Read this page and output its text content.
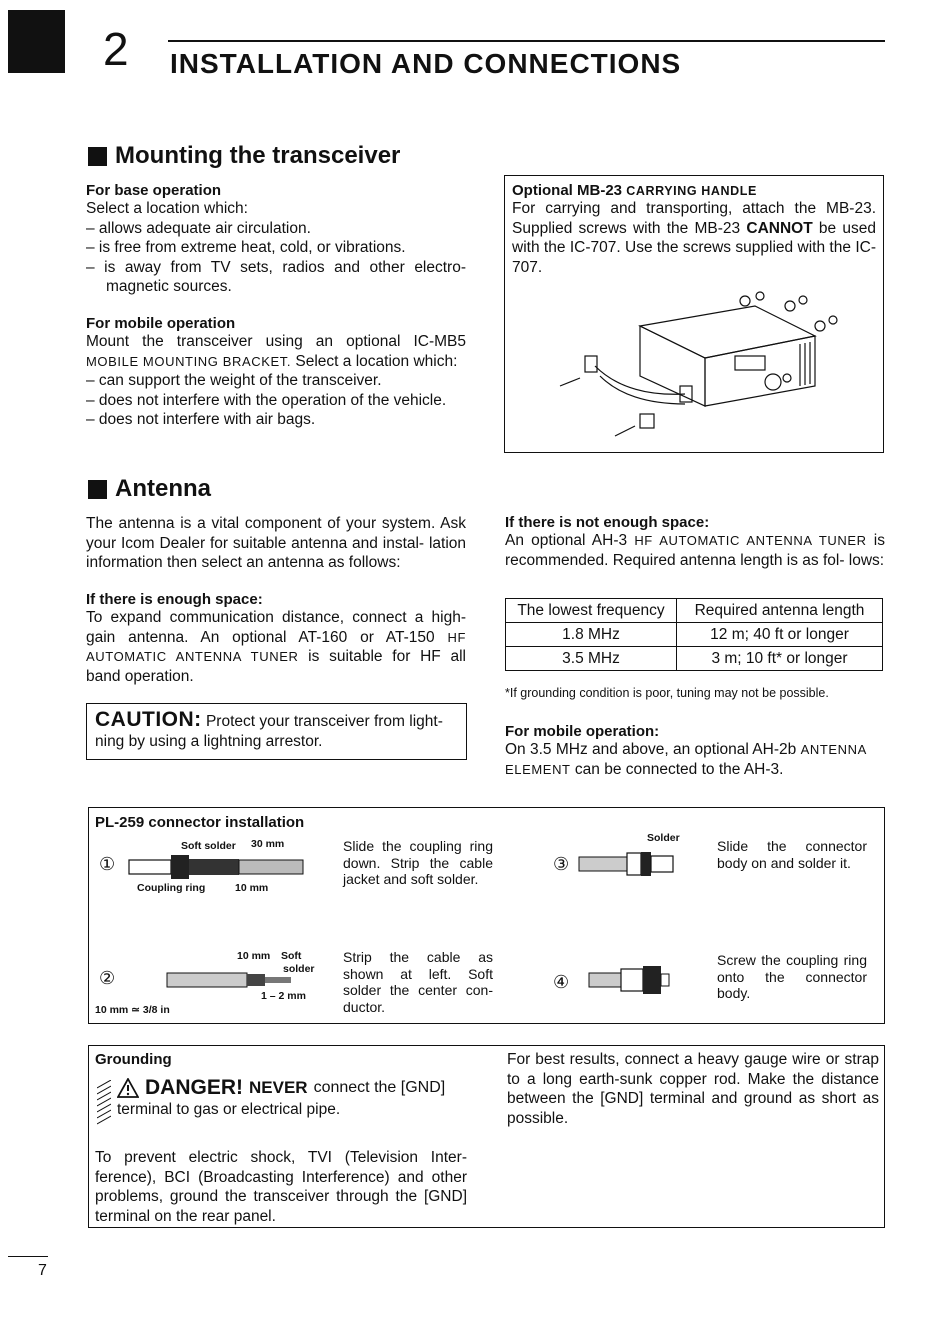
2 INSTALLATION AND CONNECTIONS
Mounting the transceiver
For base operation
Select a location which:
– allows adequate air circulation.
– is free from extreme heat, cold, or vibrations.
– is away from TV sets, radios and other electro- magnetic sources.
For mobile operation
Mount the transceiver using an optional IC-MB5 MOBILE MOUNTING BRACKET. Select a location which:
– can support the weight of the transceiver.
– does not interfere with the operation of the vehicle.
– does not interfere with air bags.
Optional MB-23 CARRYING HANDLE
For carrying and transporting, attach the MB-23. Supplied screws with the MB-23 CANNOT be used with the IC-707. Use the screws supplied with the IC-707.
Antenna
The antenna is a vital component of your system. Ask your Icom Dealer for suitable antenna and instal- lation information then select an antenna as follows:
If there is enough space:
To expand communication distance, connect a high- gain antenna. An optional AT-160 or AT-150 HF AUTOMATIC ANTENNA TUNER is suitable for HF all band operation.
CAUTION: Protect your transceiver from light- ning by using a lightning arrestor.
If there is not enough space:
An optional AH-3 HF AUTOMATIC ANTENNA TUNER is recommended. Required antenna length is as fol- lows:
The lowest frequency	Required antenna length
1.8 MHz	12 m; 40 ft or longer
3.5 MHz	3 m; 10 ft* or longer
*If grounding condition is poor, tuning may not be possible.
For mobile operation:
On 3.5 MHz and above, an optional AH-2b ANTENNA ELEMENT can be connected to the AH-3.
PL-259 connector installation
①
Soft solder 30 mm
Coupling ring	10 mm
Slide the coupling ring down. Strip the cable jacket and soft solder.
②
10 mm Soft
solder
1 – 2 mm
10 mm ≃ 3/8 in
Strip the cable as shown at left. Soft solder the center con- ductor.
③
Solder	Slide the connector body on and solder it.
④
Screw the coupling ring onto the connector body.
Grounding
DANGER! NEVER connect the [GND]
terminal to gas or electrical pipe.
To prevent electric shock, TVI (Television Inter- ference), BCI (Broadcasting Interference) and other problems, ground the transceiver through the [GND] terminal on the rear panel.
For best results, connect a heavy gauge wire or strap to a long earth-sunk copper rod. Make the distance between the [GND] terminal and ground as short as possible.
7
